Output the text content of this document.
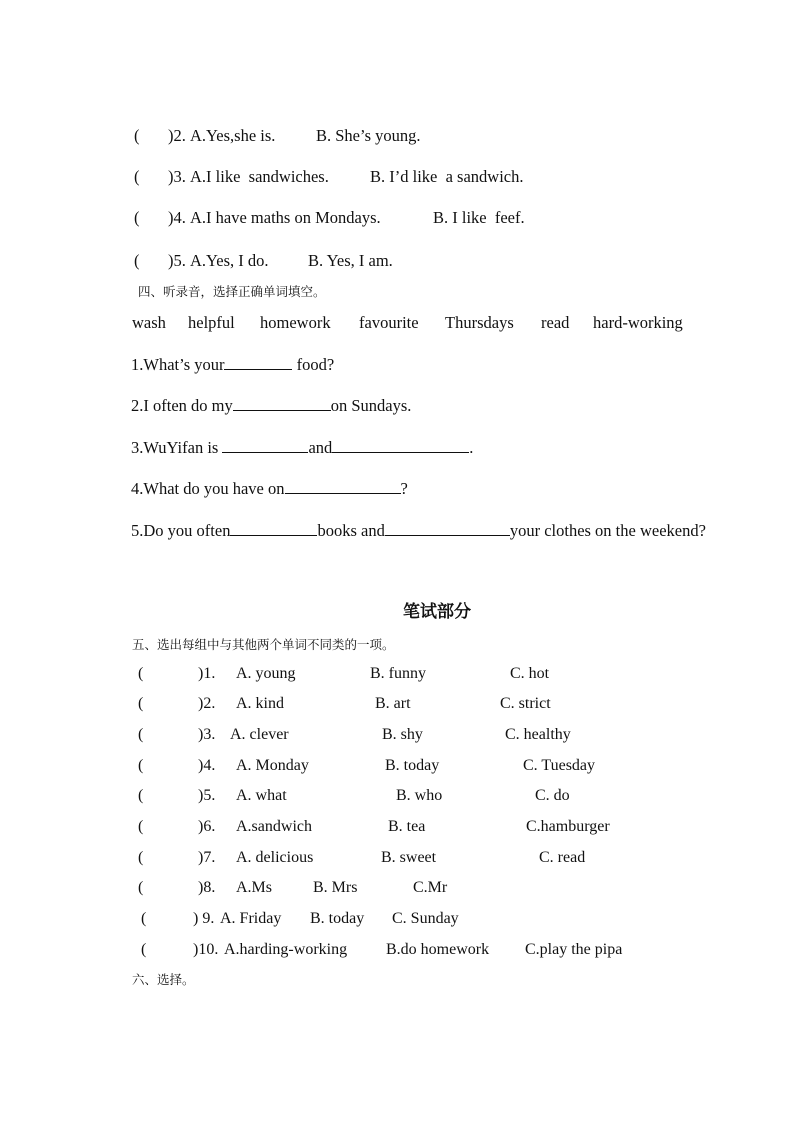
( )2. A.Yes,she is. B. She’s young.
( )3. A.I like  sandwiches. B. I’d like  a sandwich.
( )4. A.I have maths on Mondays.	B. I like  feef.
( )5. A.Yes, I do. B. Yes, I am.
四、听录音，选择正确单词填空。
wash helpful homework favourite Thursdays read hard-working
1.What’s your	food?
2.I often do my	on Sundays.
3.WuYifan is	and	.
4.What do you have on	?
5.Do you often	books and	your clothes on the weekend?
笔试部分
五、选出每组中与其他两个单词不同类的一项。
(	)1. A. young	B. funny	C. hot
(	)2. A. kind	B. art	C. strict
(	)3. A. clever	B. shy	C. healthy
(	)4. A. Monday	B. today	C. Tuesday
(	)5. A. what	B. who	C. do
(	)6. A.sandwich	B. tea	C.hamburger
(	)7. A. delicious	B. sweet	C. read
(	)8. A.Ms	B. Mrs	C.Mr
(	) 9. A. Friday B. today C. Sunday
(	)10. A.harding-working B.do homework C.play the pipa
六、选择。
